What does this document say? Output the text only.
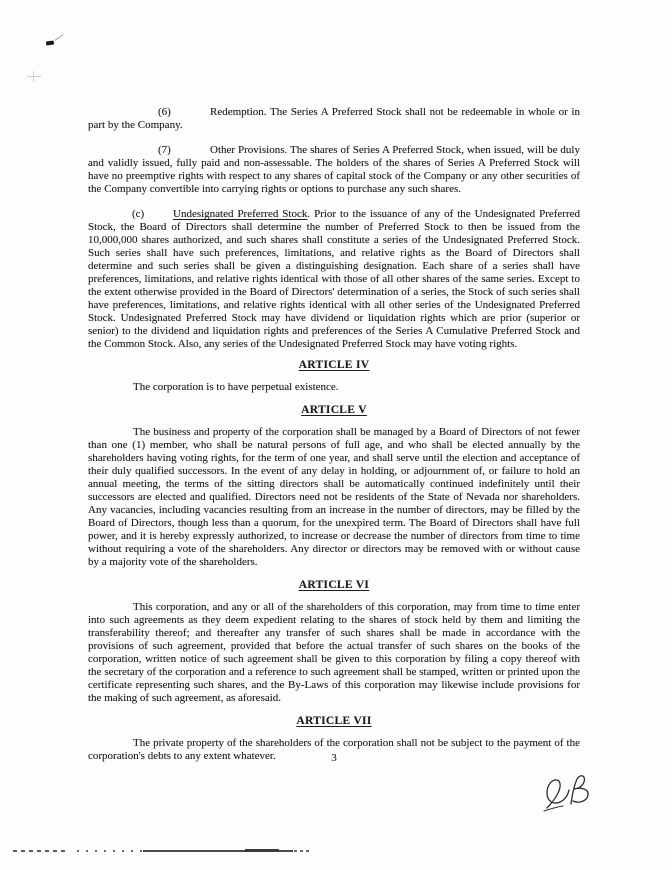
(6)	Redemption. The Series A Preferred Stock shall not be redeemable in whole or in part by the Company.

(7)	Other Provisions. The shares of Series A Preferred Stock, when issued, will be duly and validly issued, fully paid and non-assessable. The holders of the shares of Series A Preferred Stock will have no preemptive rights with respect to any shares of capital stock of the Company or any other securities of the Company convertible into carrying rights or options to purchase any such shares.

(c)	Undesignated Preferred Stock. Prior to the issuance of any of the Undesignated Preferred Stock, the Board of Directors shall determine the number of Preferred Stock to then be issued from the 10,000,000 shares authorized, and such shares shall constitute a series of the Undesignated Preferred Stock. Such series shall have such preferences, limitations, and relative rights as the Board of Directors shall determine and such series shall be given a distinguishing designation. Each share of a series shall have preferences, limitations, and relative rights identical with those of all other shares of the same series. Except to the extent otherwise provided in the Board of Directors' determination of a series, the Stock of such series shall have preferences, limitations, and relative rights identical with all other series of the Undesignated Preferred Stock. Undesignated Preferred Stock may have dividend or liquidation rights which are prior (superior or senior) to the dividend and liquidation rights and preferences of the Series A Cumulative Preferred Stock and the Common Stock. Also, any series of the Undesignated Preferred Stock may have voting rights.

ARTICLE IV

The corporation is to have perpetual existence.

ARTICLE V

The business and property of the corporation shall be managed by a Board of Directors of not fewer than one (1) member, who shall be natural persons of full age, and who shall be elected annually by the shareholders having voting rights, for the term of one year, and shall serve until the election and acceptance of their duly qualified successors. In the event of any delay in holding, or adjournment of, or failure to hold an annual meeting, the terms of the sitting directors shall be automatically continued indefinitely until their successors are elected and qualified. Directors need not be residents of the State of Nevada nor shareholders. Any vacancies, including vacancies resulting from an increase in the number of directors, may be filled by the Board of Directors, though less than a quorum, for the unexpired term. The Board of Directors shall have full power, and it is hereby expressly authorized, to increase or decrease the number of directors from time to time without requiring a vote of the shareholders. Any director or directors may be removed with or without cause by a majority vote of the shareholders.

ARTICLE VI

This corporation, and any or all of the shareholders of this corporation, may from time to time enter into such agreements as they deem expedient relating to the shares of stock held by them and limiting the transferability thereof; and thereafter any transfer of such shares shall be made in accordance with the provisions of such agreement, provided that before the actual transfer of such shares on the books of the corporation, written notice of such agreement shall be given to this corporation by filing a copy thereof with the secretary of the corporation and a reference to such agreement shall be stamped, written or printed upon the certificate representing such shares, and the By-Laws of this corporation may likewise include provisions for the making of such agreement, as aforesaid.

ARTICLE VII

The private property of the shareholders of the corporation shall not be subject to the payment of the corporation's debts to any extent whatever.	3
